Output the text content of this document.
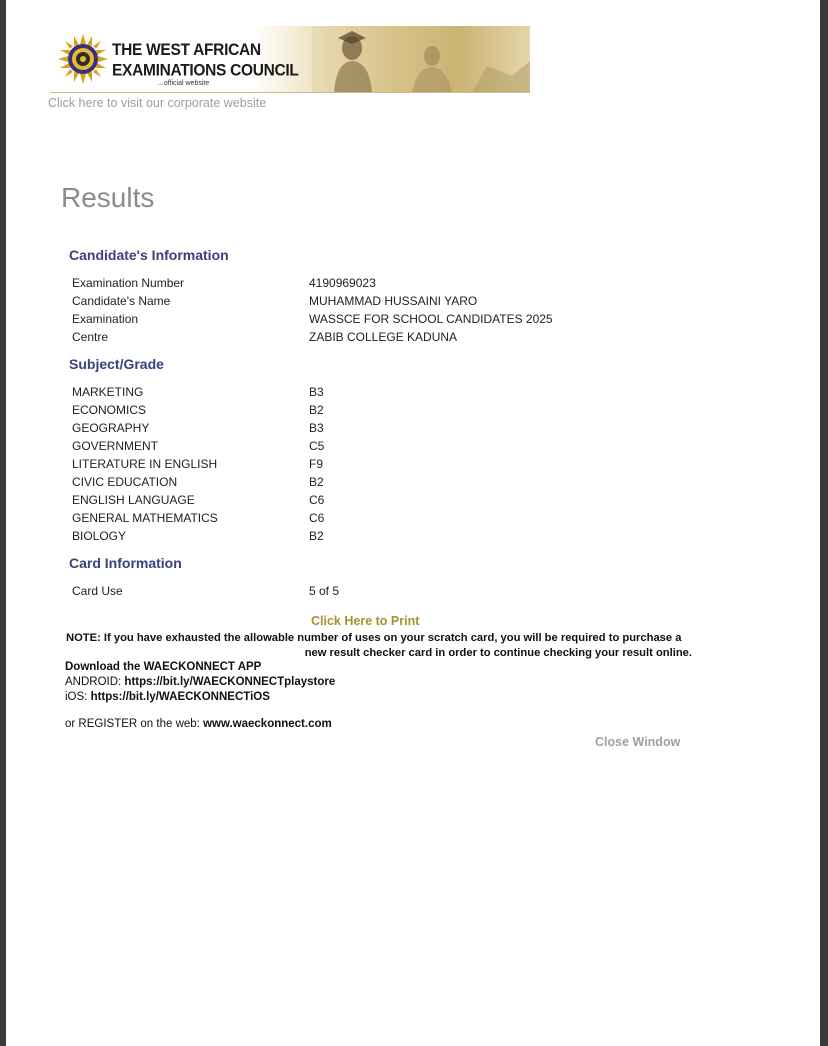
THE WEST AFRICAN
EXAMINATIONS COUNCIL
...official website
Click here to visit our corporate website
Results
Candidate's Information
Examination Number	4190969023
Candidate's Name	MUHAMMAD HUSSAINI YARO
Examination	WASSCE FOR SCHOOL CANDIDATES 2025
Centre	ZABIB COLLEGE KADUNA
Subject/Grade
MARKETING	B3
ECONOMICS	B2
GEOGRAPHY	B3
GOVERNMENT	C5
LITERATURE IN ENGLISH	F9
CIVIC EDUCATION	B2
ENGLISH LANGUAGE	C6
GENERAL MATHEMATICS	C6
BIOLOGY	B2
Card Information
Card Use	5 of 5
Click Here to Print
NOTE: If you have exhausted the allowable number of uses on your scratch card, you will be required to purchase a
new result checker card in order to continue checking your result online.
Download the WAECKONNECT APP
ANDROID: https://bit.ly/WAECKONNECTplaystore
iOS: https://bit.ly/WAECKONNECTiOS
or REGISTER on the web: www.waeckonnect.com
Close Window
